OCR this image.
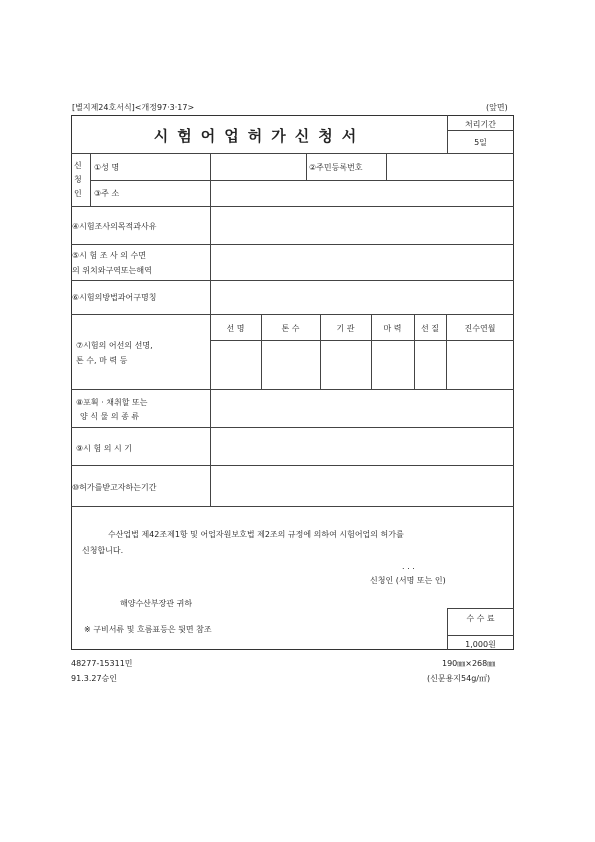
[별지제24호서식]<개정97·3·17>	(앞면)
시험어업허가신청서
처리기간
5일
신
청
인
①성 명	②주민등록번호
③주 소
④시험조사의목적과사유
⑤시 험 조 사 의 수면
의 위치와구역또는해역
⑥시험의방법과어구명칭
⑦시험의 어선의 선명,
톤 수, 마 력 등
선 명	톤 수	기 관	마 력	선 질	진수연월
⑧포획 · 채취할 또는
양 식 물 의 종 류
⑨시 험 의 시 기
⑩허가를받고자하는기간
수산업법 제42조제1항 및 어업자원보호법 제2조의 규정에 의하여 시험어업의 허가를
신청합니다.
. . .
신청인 (서명 또는 인)
해양수산부장관 귀하
※ 구비서류 및 흐름표등은 뒷면 참조
수 수 료
1,000원
48277-15311민
91.3.27승인
190㎜×268㎜
(신문용지54g/㎡)
